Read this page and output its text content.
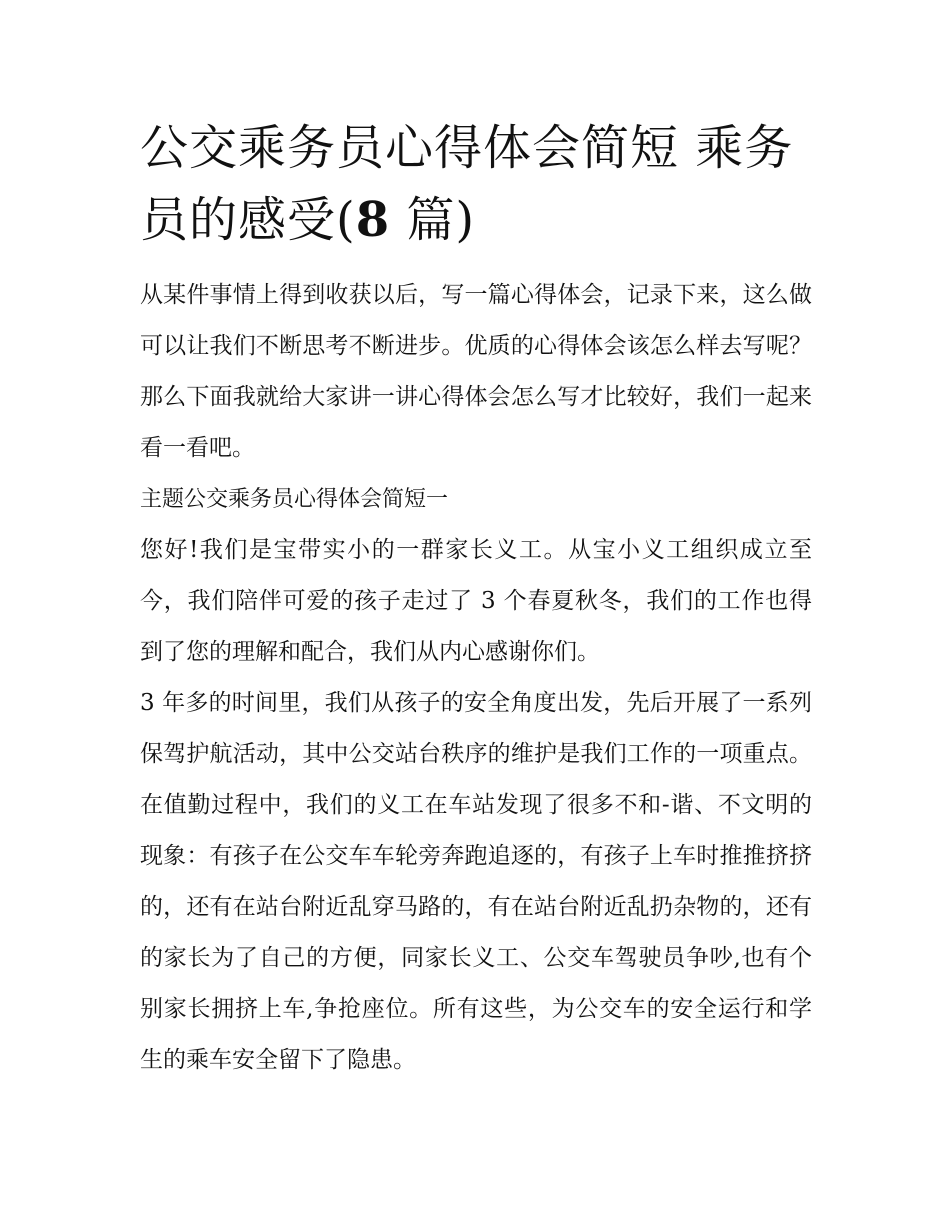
公交乘务员心得体会简短 乘务员的感受(8 篇)

从某件事情上得到收获以后，写一篇心得体会，记录下来，这么做可以让我们不断思考不断进步。优质的心得体会该怎么样去写呢？那么下面我就给大家讲一讲心得体会怎么写才比较好，我们一起来看一看吧。

主题公交乘务员心得体会简短一

您好!我们是宝带实小的一群家长义工。从宝小义工组织成立至今，我们陪伴可爱的孩子走过了 3 个春夏秋冬，我们的工作也得到了您的理解和配合，我们从内心感谢你们。

3 年多的时间里，我们从孩子的安全角度出发，先后开展了一系列保驾护航活动，其中公交站台秩序的维护是我们工作的一项重点。在值勤过程中，我们的义工在车站发现了很多不和-谐、不文明的现象：有孩子在公交车车轮旁奔跑追逐的，有孩子上车时推推挤挤的，还有在站台附近乱穿马路的，有在站台附近乱扔杂物的，还有的家长为了自己的方便，同家长义工、公交车驾驶员争吵,也有个别家长拥挤上车,争抢座位。所有这些，为公交车的安全运行和学生的乘车安全留下了隐患。
